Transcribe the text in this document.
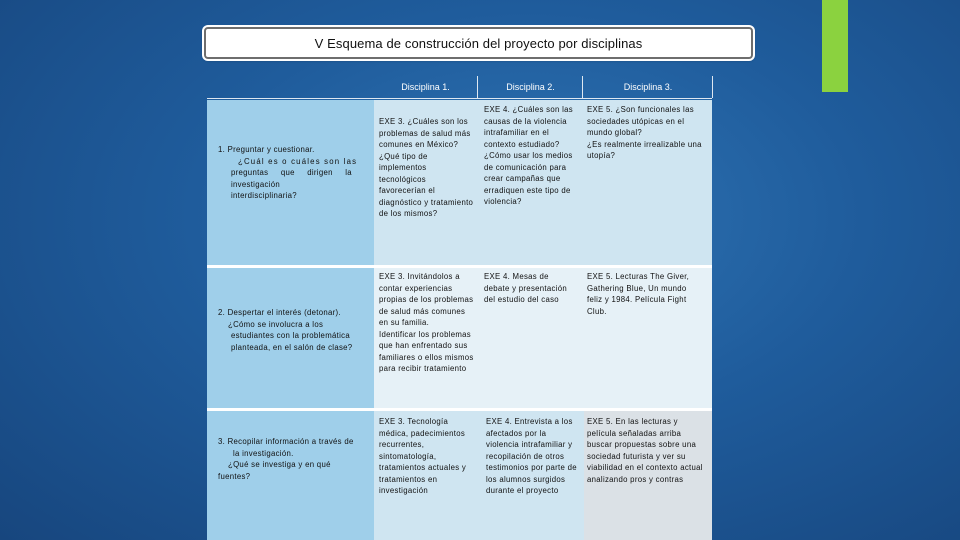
V Esquema de construcción del proyecto por disciplinas
Disciplina 1.	Disciplina 2.	Disciplina 3.
1. Preguntar y cuestionar.
¿Cuál es o cuáles son las
preguntas que dirigen la
investigación
interdisciplinaria?
EXE 3. ¿Cuáles son los
problemas de salud más
comunes en México?
¿Qué tipo de
implementos
tecnológicos
favorecerían el
diagnóstico y tratamiento
de los mismos?
EXE 4. ¿Cuáles son las
causas de la violencia
intrafamiliar en el
contexto estudiado?
¿Cómo usar los medios
de comunicación para
crear campañas que
erradiquen este tipo de
violencia?
EXE 5. ¿Son funcionales las
sociedades utópicas en el
mundo global?
¿Es realmente irrealizable una
utopía?
2. Despertar el interés (detonar).
¿Cómo se involucra a los
estudiantes con la problemática
planteada, en el salón de clase?
EXE 3. Invitándolos a
contar experiencias
propias de los problemas
de salud más comunes
en su familia.
Identificar los problemas
que han enfrentado sus
familiares o ellos mismos
para recibir tratamiento
EXE 4. Mesas de
debate y presentación
del estudio del caso
EXE 5. Lecturas The Giver,
Gathering Blue, Un mundo
feliz y 1984. Película Fight
Club.
3. Recopilar información a través de
la investigación.
¿Qué se investiga y en qué
fuentes?
EXE 3. Tecnología
médica, padecimientos
recurrentes,
sintomatología,
tratamientos actuales y
tratamientos en
investigación
EXE 4. Entrevista a los
afectados por la
violencia intrafamiliar y
recopilación de otros
testimonios por parte de
los alumnos surgidos
durante el proyecto
EXE 5. En las lecturas y
película señaladas arriba
buscar propuestas sobre una
sociedad futurista y ver su
viabilidad en el contexto actual
analizando pros y contras
